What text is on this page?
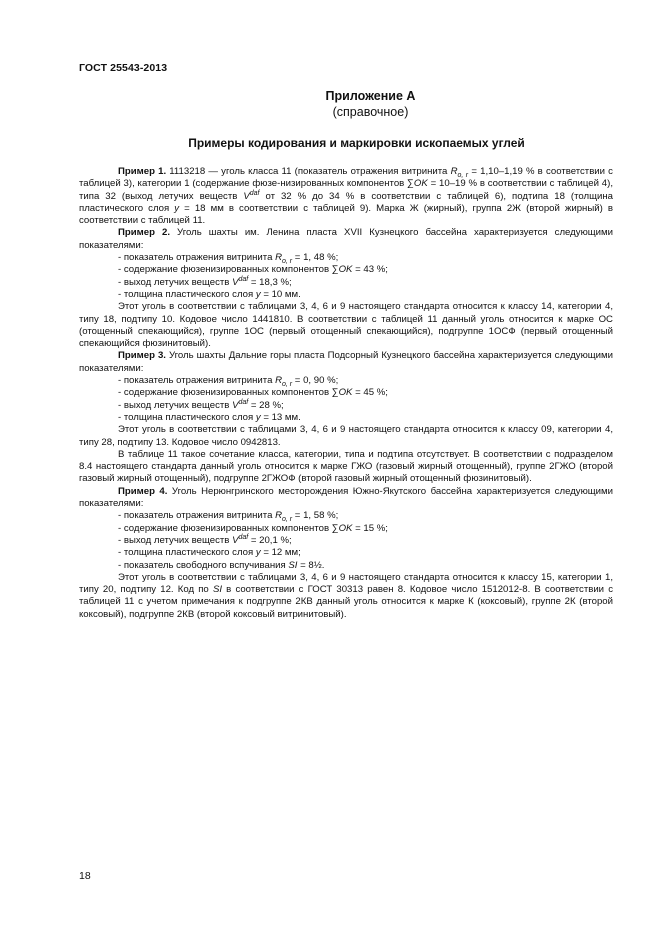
ГОСТ 25543-2013
Приложение А
(справочное)
Примеры кодирования и маркировки ископаемых углей

Пример 1. 1113218 — уголь класса 11 (показатель отражения витринита $R_{o, r} = 1,10-1,19$ % в соответствии с таблицей 3), категории 1 (содержание фюзе-низированных компонентов ∑OK = 10–19 % в соответствии с таблицей 4), типа 32 (выход летучих веществ $V^{daf}$ от 32 % до 34 % в соответствии с таблицей 6), подтипа 18 (толщина пластического слоя y = 18 мм в соответствии с таблицей 9). Марка Ж (жирный), группа 2Ж (второй жирный) в соответствии с таблицей 11.

Пример 2. Уголь шахты им. Ленина пласта XVII Кузнецкого бассейна характеризуется следующими показателями:

- показатель отражения витринита $R_{o, r} = 1$, 48 %;

- содержание фюзенизированных компонентов ∑OK = 43 %;

- выход летучих веществ $V^{daf} = 18,3$ %;

- толщина пластического слоя y = 10 мм.

Этот уголь в соответствии с таблицами 3, 4, 6 и 9 настоящего стандарта относится к классу 14, категории 4, типу 18, подтипу 10. Кодовое число 1441810. В соответствии с таблицей 11 данный уголь относится к марке ОС (отощенный спекающийся), группе 1ОС (первый отощенный спекающийся), подгруппе 1ОСФ (первый отощенный спекающийся фюзинитовый).

Пример 3. Уголь шахты Дальние горы пласта Подсорный Кузнецкого бассейна характеризуется следующими показателями:

- показатель отражения витринита $R_{o, r} = 0$, 90 %;

- содержание фюзенизированных компонентов ∑OK = 45 %;

- выход летучих веществ $V^{daf} = 28$ %;

- толщина пластического слоя y = 13 мм.

Этот уголь в соответствии с таблицами 3, 4, 6 и 9 настоящего стандарта относится к классу 09, категории 4, типу 28, подтипу 13. Кодовое число 0942813.

В таблице 11 такое сочетание класса, категории, типа и подтипа отсутствует. В соответствии с подразделом 8.4 настоящего стандарта данный уголь относится к марке ГЖО (газовый жирный отощенный), группе 2ГЖО (второй газовый жирный отощенный), подгруппе 2ГЖОФ (второй газовый жирный отощенный фюзинитовый).

Пример 4. Уголь Нерюнгринского месторождения Южно-Якутского бассейна характеризуется следующими показателями:

- показатель отражения витринита $R_{o, r} = 1$, 58 %;

- содержание фюзенизированных компонентов ∑OK = 15 %;

- выход летучих веществ $V^{daf} = 20,1$ %;

- толщина пластического слоя y = 12 мм;

- показатель свободного вспучивания SI = 8½.

Этот уголь в соответствии с таблицами 3, 4, 6 и 9 настоящего стандарта относится к классу 15, категории 1, типу 20, подтипу 12. Код по SI в соответствии с ГОСТ 30313 равен 8. Кодовое число 1512012-8. В соответствии с таблицей 11 с учетом примечания к подгруппе 2КВ данный уголь относится к марке К (коксовый), группе 2К (второй коксовый), подгруппе 2КВ (второй коксовый витринитовый).

18
